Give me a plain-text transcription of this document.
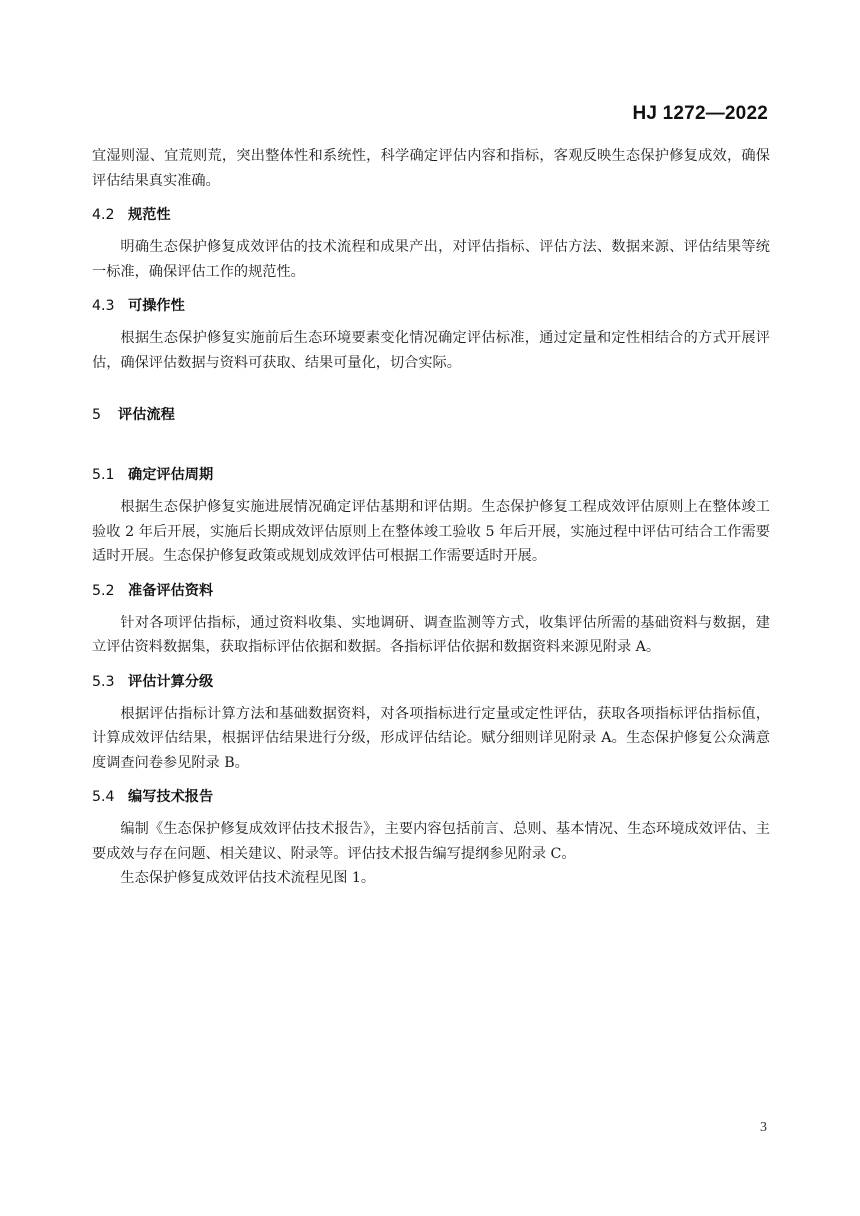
HJ 1272—2022

宜湿则湿、宜荒则荒，突出整体性和系统性，科学确定评估内容和指标，客观反映生态保护修复成效，确保评估结果真实准确。

4.2 规范性

明确生态保护修复成效评估的技术流程和成果产出，对评估指标、评估方法、数据来源、评估结果等统一标准，确保评估工作的规范性。

4.3 可操作性

根据生态保护修复实施前后生态环境要素变化情况确定评估标准，通过定量和定性相结合的方式开展评估，确保评估数据与资料可获取、结果可量化，切合实际。

5 评估流程
5.1 确定评估周期

根据生态保护修复实施进展情况确定评估基期和评估期。生态保护修复工程成效评估原则上在整体竣工验收 2 年后开展，实施后长期成效评估原则上在整体竣工验收 5 年后开展，实施过程中评估可结合工作需要适时开展。生态保护修复政策或规划成效评估可根据工作需要适时开展。

5.2 准备评估资料

针对各项评估指标，通过资料收集、实地调研、调查监测等方式，收集评估所需的基础资料与数据，建立评估资料数据集，获取指标评估依据和数据。各指标评估依据和数据资料来源见附录 A。

5.3 评估计算分级

根据评估指标计算方法和基础数据资料，对各项指标进行定量或定性评估，获取各项指标评估指标值，计算成效评估结果，根据评估结果进行分级，形成评估结论。赋分细则详见附录 A。生态保护修复公众满意度调查问卷参见附录 B。

5.4 编写技术报告

编制《生态保护修复成效评估技术报告》，主要内容包括前言、总则、基本情况、生态环境成效评估、主要成效与存在问题、相关建议、附录等。评估技术报告编写提纲参见附录 C。

生态保护修复成效评估技术流程见图 1。

3
